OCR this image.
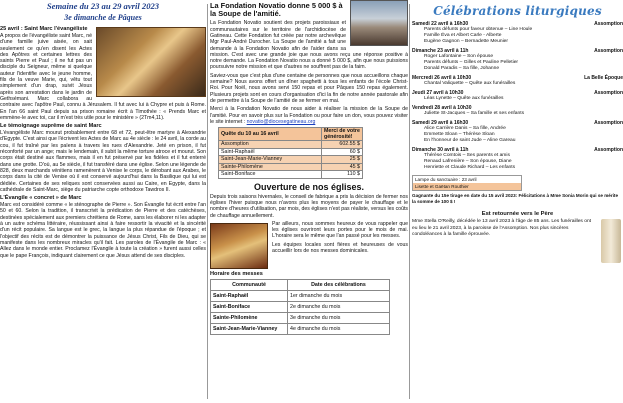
Semaine du 23 au 29 avril 2023
3e dimanche de Pâques
25 avril : Saint Marc l'évangéliste

A propos de l'évangéliste saint Marc, né d'une famille juive aisée, on sait seulement ce qu'en disent les Actes des Apôtres et certaines lettres des saints Pierre et Paul ; il ne fut pas un disciple du Seigneur, même si quelque auteur l'identifie avec le jeune homme, fils de la veuve Marie, qui, vêtu tout simplement d'un drap, suivit Jésus après son arrestation dans le jardin de Gethsémani. Marc collabora au contraire avec l'apôtre Paul, connu à Jérusalem. Il fut avec lui à Chypre et puis à Rome. En l'an 66 saint Paul depuis sa prison romaine écrit à Timothée : « Prends Marc et emmène-le avec toi, car il m'est très utile pour le ministère » (2Tm4,11).

Le témoignage suprême de saint Marc

L'évangéliste Marc mourut probablement entre 68 et 72, peut-être martyre à Alexandrie d'Egypte. C'est ainsi que l'écrivent les Actes de Marc au 4e siècle : le 24 avril, la corde au cou, il fut traîné par les païens à travers les rues d'Alexandrie. Jeté en prison, il fut réconforté par un ange; mais le lendemain, il subit la même torture atroce et mourut. Son corps était destiné aux flammes, mais il en fut préservé par les fidèles et il fut enterré dans une grotte. D'où, au 5e siècle, il fut transféré dans une église. Selon une légende de 828, deux marchands vénitiens ramenèrent à Venise le corps, le dérobant aux Arabes, le corps dans la cité de Venise où il est conservé aujourd'hui dans la Basilique qui lui est dédiée. Certaines de ses reliques sont conservées aussi au Caire, en Egypte, dans la cathédrale de Saint-Marc, siège du patriarche copte orthodoxe Tawdros II.

L'Évangile « concret » de Marc

Marc est considéré comme « le sténographe de Pierre ». Son Évangile fut écrit entre l'an 50 et 60. Selon la tradition, il transcrivit la prédication de Pierre et des catéchèses, destinées spécialement aux premiers chrétiens de Rome, sans les élaborer ni les adapter à un autre schéma littéraire, réussissant ainsi à faire ressortir la vivacité et la sincérité d'un récit populaire. Sa langue est le grec, la langue la plus répandue de l'époque ; et l'objectif des récits est de démontrer la puissance de Jésus Christ, Fils de Dieu, qui se manifeste dans les nombreux miracles qu'il fait. Les paroles de l'Évangile de Marc : « Allez dans le monde entier. Proclamez l'Évangile à toute la création » furent aussi celles que le pape François, indiquant clairement ce que Jésus attend de ses disciples.

La Fondation Novatio donne 5 000 $ à la Soupe de l'amitié.

La Fondation Novatio soutient des projets paroissiaux et communautaires sur le territoire de l'archidiocèse de Gatineau. Cette Fondation fut créée par notre archevêque Mgr Paul-André Durocher. La Soupe de l'amitié a fait une demande à la Fondation Novatio afin de l'aider dans sa mission. C'est avec une grande joie que nous avons reçu une réponse positive à notre demande. La Fondation Novatio nous a donné 5 000 $, afin que nous puissions poursuivre notre mission et que d'autres ne souffrent pas de la faim.

Saviez-vous que c'est plus d'une centaine de personnes que nous accueillons chaque semaine? Nous avons offert un dîner spaghetti à tous les enfants de l'école Christ-Roi. Pour Noël, nous avons servi 150 repas et pour Pâques 150 repas également. Plusieurs projets sont en cours d'organisation d'ici la fin de notre année pastorale afin de permettre à la Soupe de l'amitié de se fermer en mai.

Merci à la Fondation Novatio de nous aider à réaliser la mission de la Soupe de l'amitié. Pour en savoir plus sur la Fondation ou pour faire un don, vous pouvez visiter le site internet : novatio@diocesegatineau.org

Quête du 10 au 16 avril	Merci de votre générosité!
Assomption	602.55 $
Saint-Raphaël	60 $
Saint-Jean-Marie-Vianney	25 $
Sainte-Philomène	45 $
Saint-Boniface	110 $
Ouverture de nos églises.

Depuis trois saisons hivernales, le conseil de fabrique a pris la décision de fermer nos églises l'hiver puisque nous n'avons plus les moyens de payer le chauffage et le nombre d'heures d'utilisation, par mois, des églises n'est pas réaliste, versus les coûts de chauffage annuellement.

Par ailleurs, nous sommes heureux de vous rappeler que les églises ouvriront leurs portes pour le mois de mai. L'horaire sera le même que l'an passé pour les messes.

Les équipes locales sont fières et heureuses de vous accueillir lors de nos messes dominicales.

Horaire des messes
Communauté	Date des célébrations
Saint-Raphaël	1er dimanche du mois
Saint-Boniface	2e dimanche du mois
Sainte-Philomène	3e dimanche du mois
Saint-Jean-Marie-Vianney	4e dimanche du mois
Célébrations liturgiques
Samedi 22 avril à 16h30	Assomption
Parents défunts pour faveur obtenue – Line Houle
Famille Éva et Albert Carle - Alberte
Eugène Gagnon – Bernadette Meunier
Dimanche 23 avril à 11h	Assomption
Roger Lafontaine – Son épouse
Parents défunts – Gilles et Pauline Pelletier
Donald Paradis – Sa fille, Johanne
Mercredi 26 avril à 10h30	La Belle Époque
Chantal Valiquette – Quête aux funérailles
Jeudi 27 avril à 10h30	Assomption
Léas Lynette – Quête aux funérailles
Vendredi 28 avril à 10h30
Juliette St-Jacques – Sa famille et ses enfants
Samedi 29 avril à 16h30	Assomption
Alice Carrière Danis – Sa fille, Andrée
Emmette Sloan – Thérèse Sloan
En l'honneur de saint Jude – Aline Gareau
Dimanche 30 avril à 11h	Assomption
Thérèse Comtois – Ses parents et amis
Renaud Lafrenière – Son épouse, Diane
Henriette et Claude Richard – Les enfants
Lampe du sanctuaire : 23 avril
Lisette et Gaëtan Routhier
Gagnante du 15e tirage en date du 15 avril 2023: Félicitations à Mme Sonia Morin qui se mérite la somme de 100 $ !
Est retournée vers le Père
Mme Stella O'Reilly, décédée le 13 avril 2023 à l'âge de 85 ans. Les funérailles ont eu lieu le 21 avril 2023, à la paroisse de l'Assomption. Nos plus sincères condoléances à la famille éprouvée.
